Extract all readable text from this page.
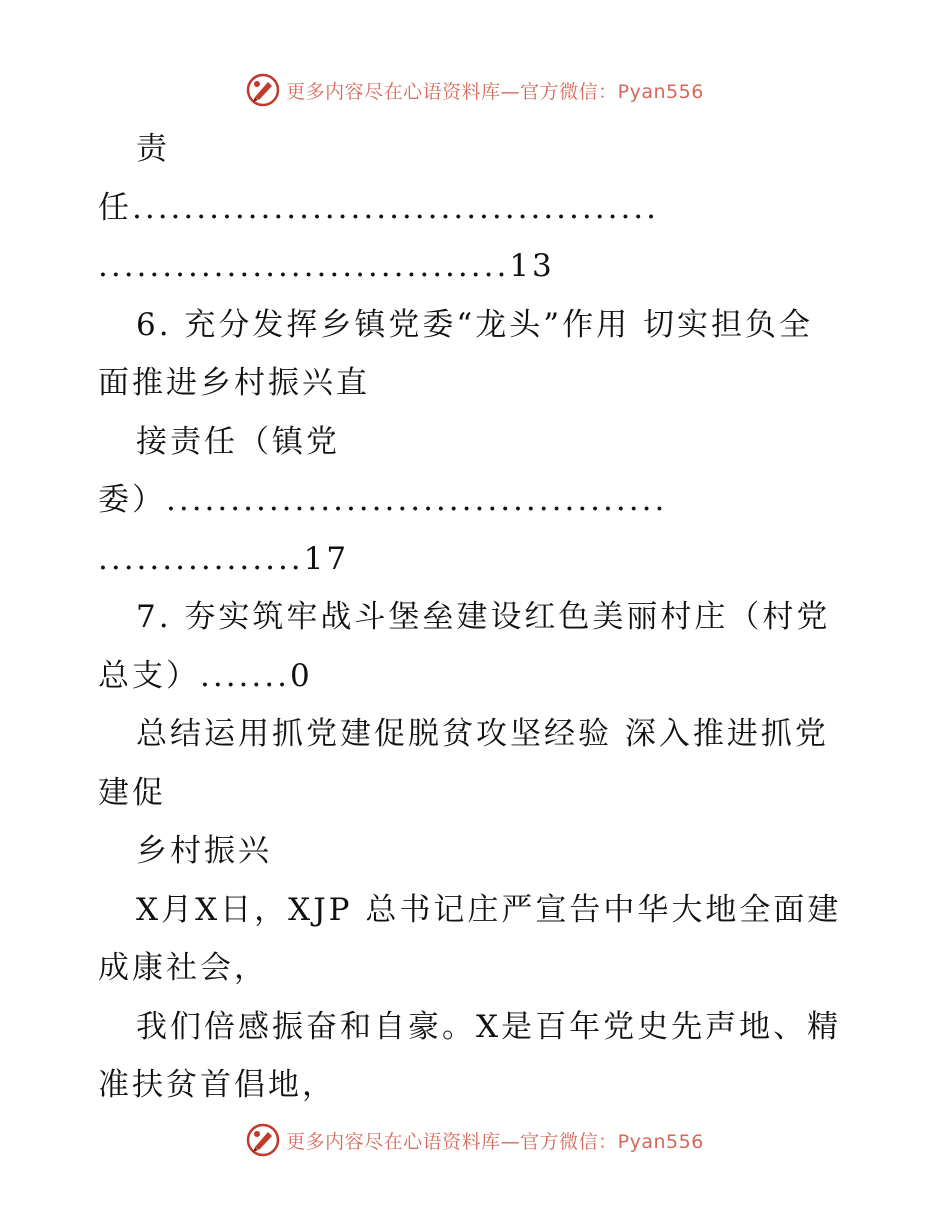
更多内容尽在心语资料库—官方微信：Pyan556
责
任.........................................
................................13
6. 充分发挥乡镇党委“龙头”作用 切实担负全
面推进乡村振兴直
接责任（镇党
委）.......................................
................17
7. 夯实筑牢战斗堡垒建设红色美丽村庄（村党
总支）.......0
总结运用抓党建促脱贫攻坚经验 深入推进抓党
建促
乡村振兴
X月X日，XJP 总书记庄严宣告中华大地全面建
成康社会，
我们倍感振奋和自豪。X是百年党史先声地、精
准扶贫首倡地，
更多内容尽在心语资料库—官方微信：Pyan556
